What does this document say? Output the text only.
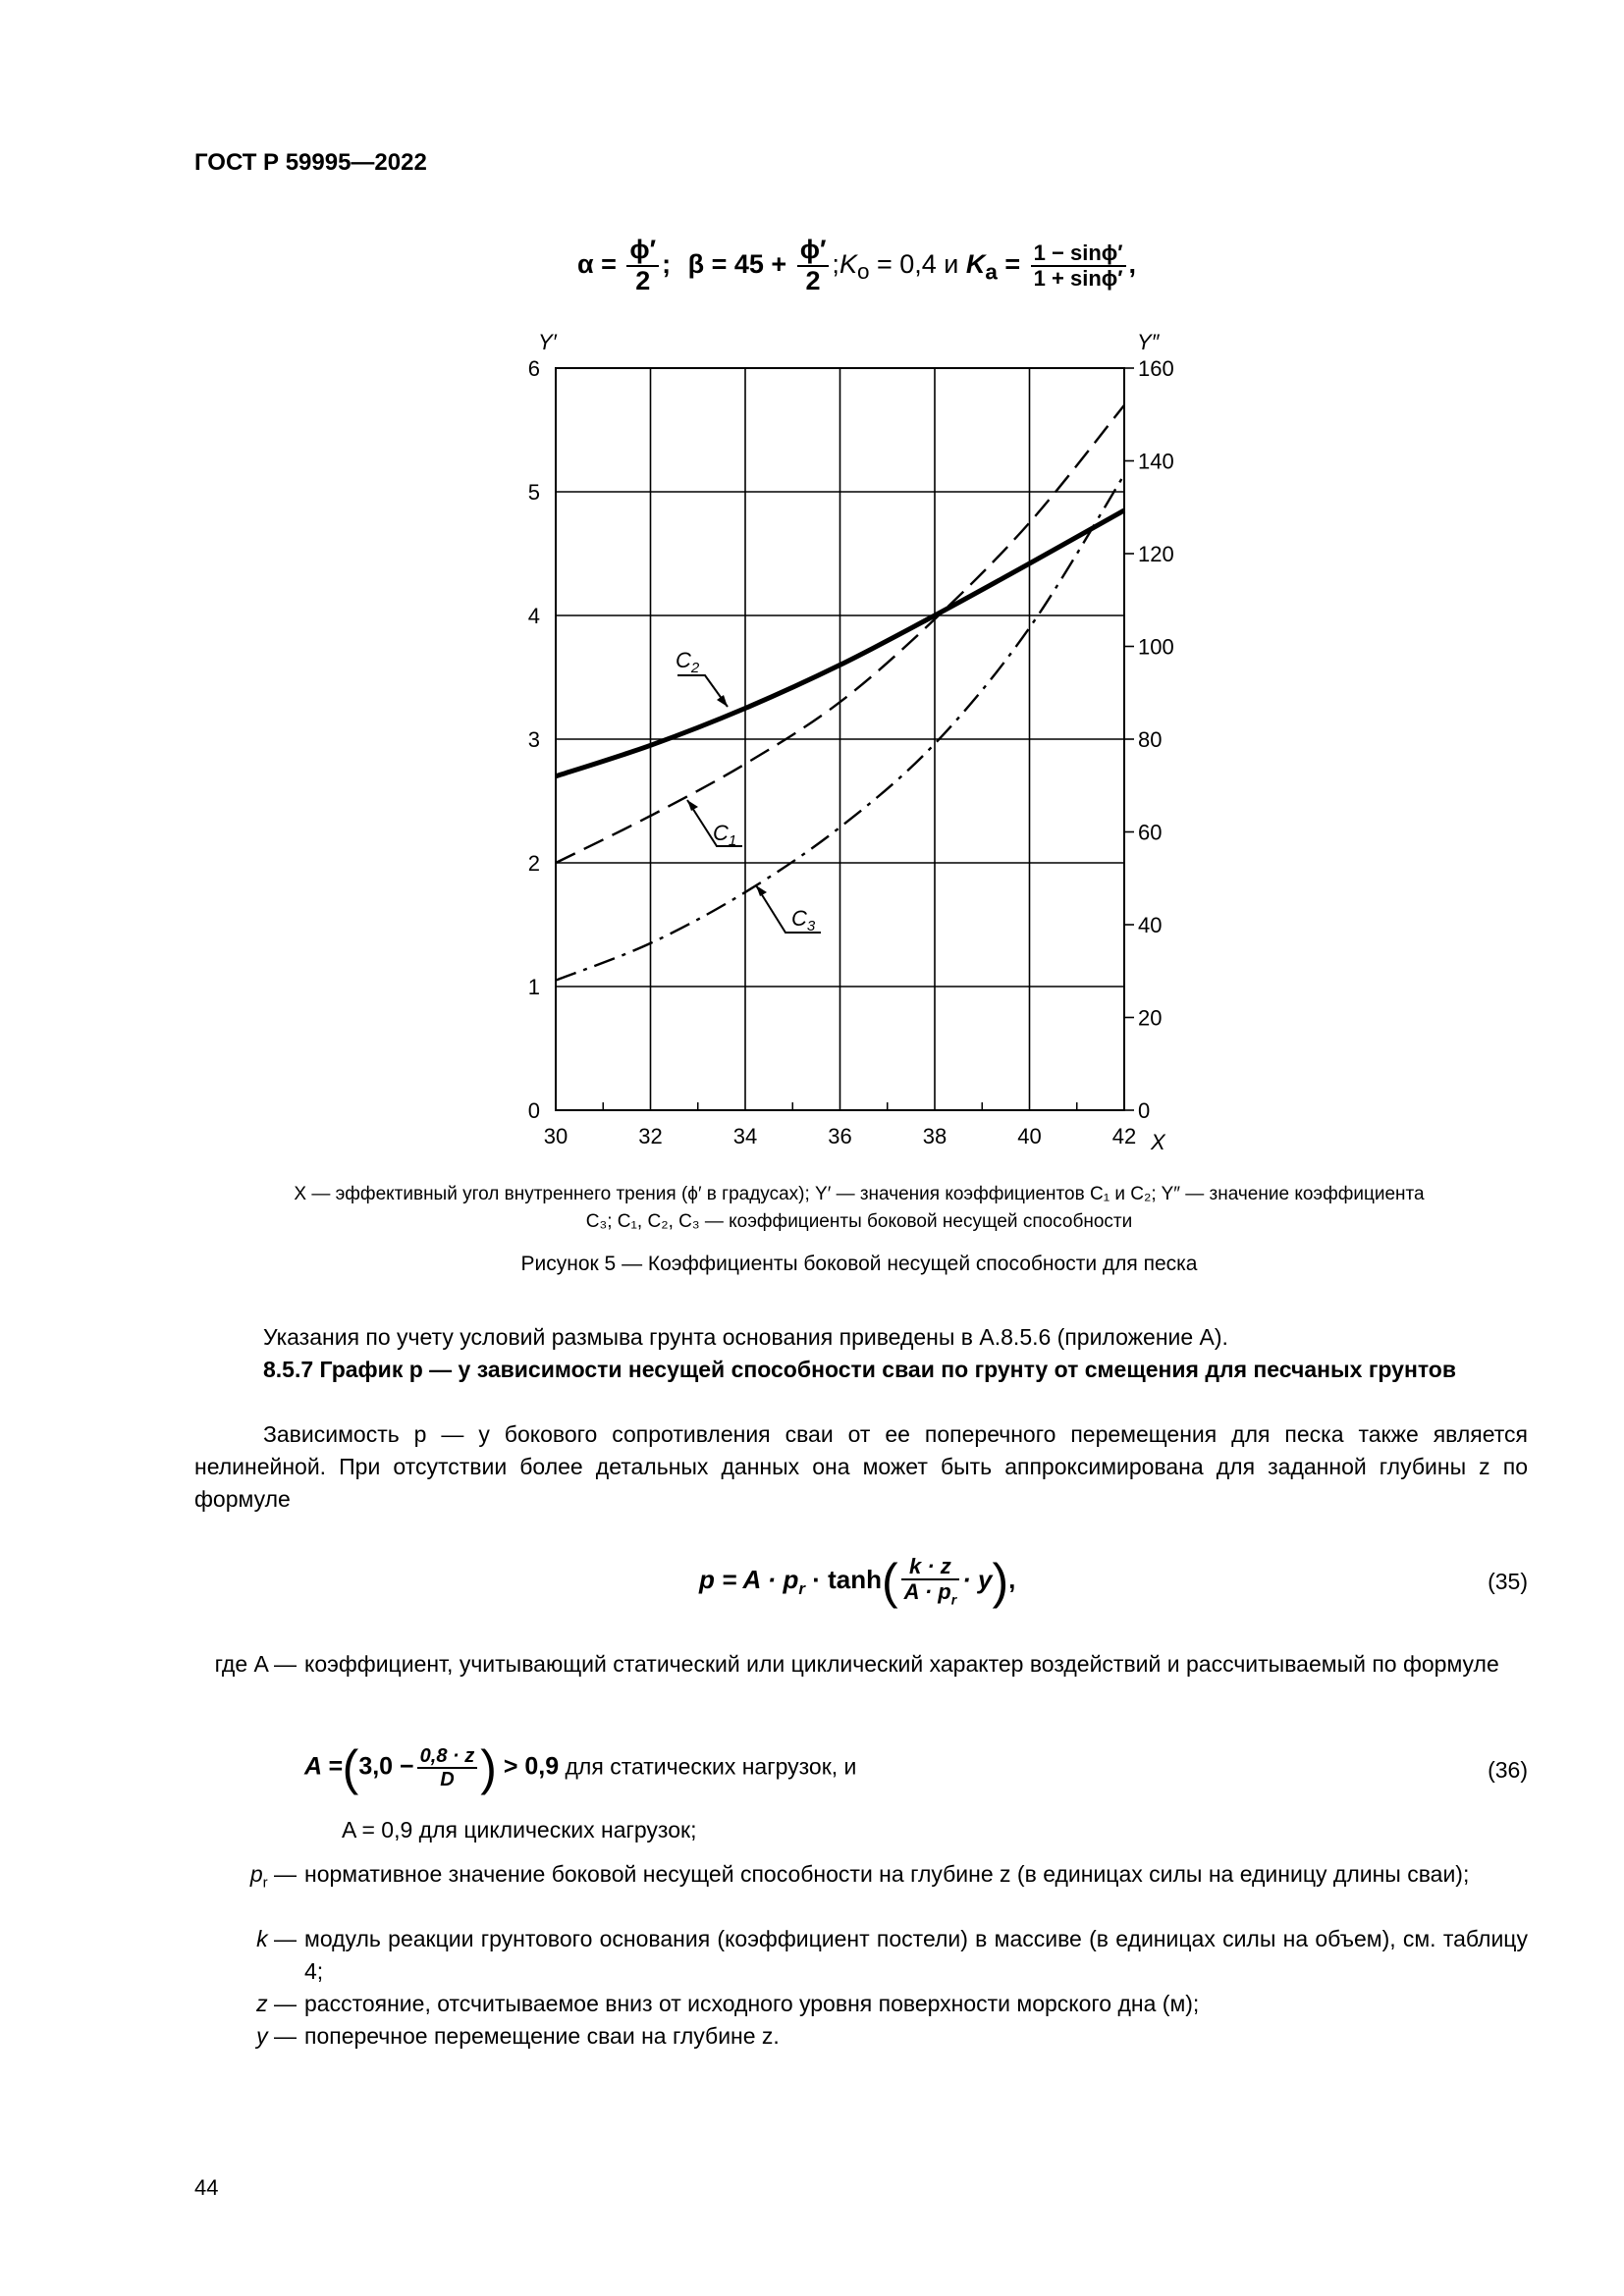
ГОСТ Р 59995—2022
$\alpha = \frac{\phi'}{2}$ ; $\beta = 45 + \frac{\phi'}{2}$ $;K_o = 0,4$ и $K_a = \frac{1 - \sin\phi'}{1 + \sin\phi'}$ ,
30	32	34	36	38	40	42
0
1
2
3
4
5
6
0
20
40
60
80
100
120
140
160
Y′	Y″
X
$C_2$
$C_1$
$C_3$
X — эффективный угол внутреннего трения (ϕ′ в градусах); Y′ — значения коэффициентов C₁ и C₂; Y″ — значение коэффициента
C₃; C₁, C₂, C₃ — коэффициенты боковой несущей способности
Рисунок 5 — Коэффициенты боковой несущей способности для песка
Указания по учету условий размыва грунта основания приведены в А.8.5.6 (приложение А).
8.5.7 График p — y зависимости несущей способности сваи по грунту от смещения для песчаных грунтов
Зависимость p — y бокового сопротивления сваи от ее поперечного перемещения для песка также является нелинейной. При отсутствии более детальных данных она может быть аппроксимирована для заданной глубины z по формуле
$p = A \cdot p_r \cdot \tanh( \frac{k \cdot z}{A \cdot p_r} \cdot y)$,	(35)
где A — коэффициент, учитывающий статический или циклический характер воздействий и рассчитываемый по формуле
$A =(3,0 - \frac{0,8 \cdot z}{D}$ ) > 0,9 для статических нагрузок, и	(36)
A = 0,9 для циклических нагрузок;
$p_r$ — нормативное значение боковой несущей способности на глубине z (в единицах силы на единицу длины сваи);
k — модуль реакции грунтового основания (коэффициент постели) в массиве (в единицах силы на объем), см. таблицу 4;
z — расстояние, отсчитываемое вниз от исходного уровня поверхности морского дна (м);
y — поперечное перемещение сваи на глубине z.
44
